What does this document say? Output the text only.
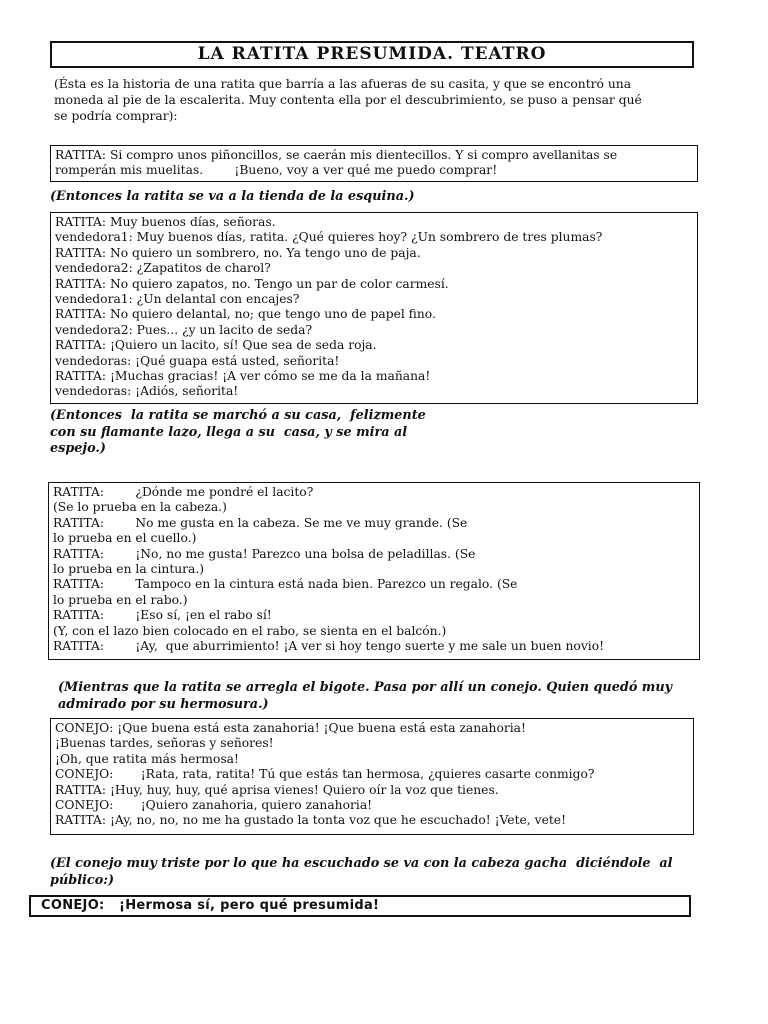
LA RATITA PRESUMIDA. TEATRO
(Ésta es la historia de una ratita que barría a las afueras de su casita, y que se encontró una
moneda al pie de la escalerita. Muy contenta ella por el descubrimiento, se puso a pensar qué
se podría comprar):
RATITA: Si compro unos piñoncillos, se caerán mis dientecillos. Y si compro avellanitas se
romperán mis muelitas.        ¡Bueno, voy a ver qué me puedo comprar!
(Entonces la ratita se va a la tienda de la esquina.)
RATITA: Muy buenos días, señoras.
vendedora1: Muy buenos días, ratita. ¿Qué quieres hoy? ¿Un sombrero de tres plumas?
RATITA: No quiero un sombrero, no. Ya tengo uno de paja.
vendedora2: ¿Zapatitos de charol?
RATITA: No quiero zapatos, no. Tengo un par de color carmesí.
vendedora1: ¿Un delantal con encajes?
RATITA: No quiero delantal, no; que tengo uno de papel fino.
vendedora2: Pues... ¿y un lacito de seda?
RATITA: ¡Quiero un lacito, sí! Que sea de seda roja.
vendedoras: ¡Qué guapa está usted, señorita!
RATITA: ¡Muchas gracias! ¡A ver cómo se me da la mañana!
vendedoras: ¡Adiós, señorita!
(Entonces  la ratita se marchó a su casa,  felizmente
con su flamante lazo, llega a su  casa, y se mira al
espejo.)
RATITA:        ¿Dónde me pondré el lacito?
(Se lo prueba en la cabeza.)
RATITA:        No me gusta en la cabeza. Se me ve muy grande. (Se
lo prueba en el cuello.)
RATITA:        ¡No, no me gusta! Parezco una bolsa de peladillas. (Se
lo prueba en la cintura.)
RATITA:        Tampoco en la cintura está nada bien. Parezco un regalo. (Se
lo prueba en el rabo.)
RATITA:        ¡Eso sí, ¡en el rabo sí!
(Y, con el lazo bien colocado en el rabo, se sienta en el balcón.)
RATITA:        ¡Ay,  que aburrimiento! ¡A ver si hoy tengo suerte y me sale un buen novio!
(Mientras que la ratita se arregla el bigote. Pasa por allí un conejo. Quien quedó muy
admirado por su hermosura.)
CONEJO: ¡Que buena está esta zanahoria! ¡Que buena está esta zanahoria!
¡Buenas tardes, señoras y señores!
¡Oh, que ratita más hermosa!
CONEJO:       ¡Rata, rata, ratita! Tú que estás tan hermosa, ¿quieres casarte conmigo?
RATITA: ¡Huy, huy, huy, qué aprisa vienes! Quiero oír la voz que tienes.
CONEJO:       ¡Quiero zanahoria, quiero zanahoria!
RATITA: ¡Ay, no, no, no me ha gustado la tonta voz que he escuchado! ¡Vete, vete!
(El conejo muy triste por lo que ha escuchado se va con la cabeza gacha  diciéndole  al
público:)
CONEJO:   ¡Hermosa sí, pero qué presumida!
